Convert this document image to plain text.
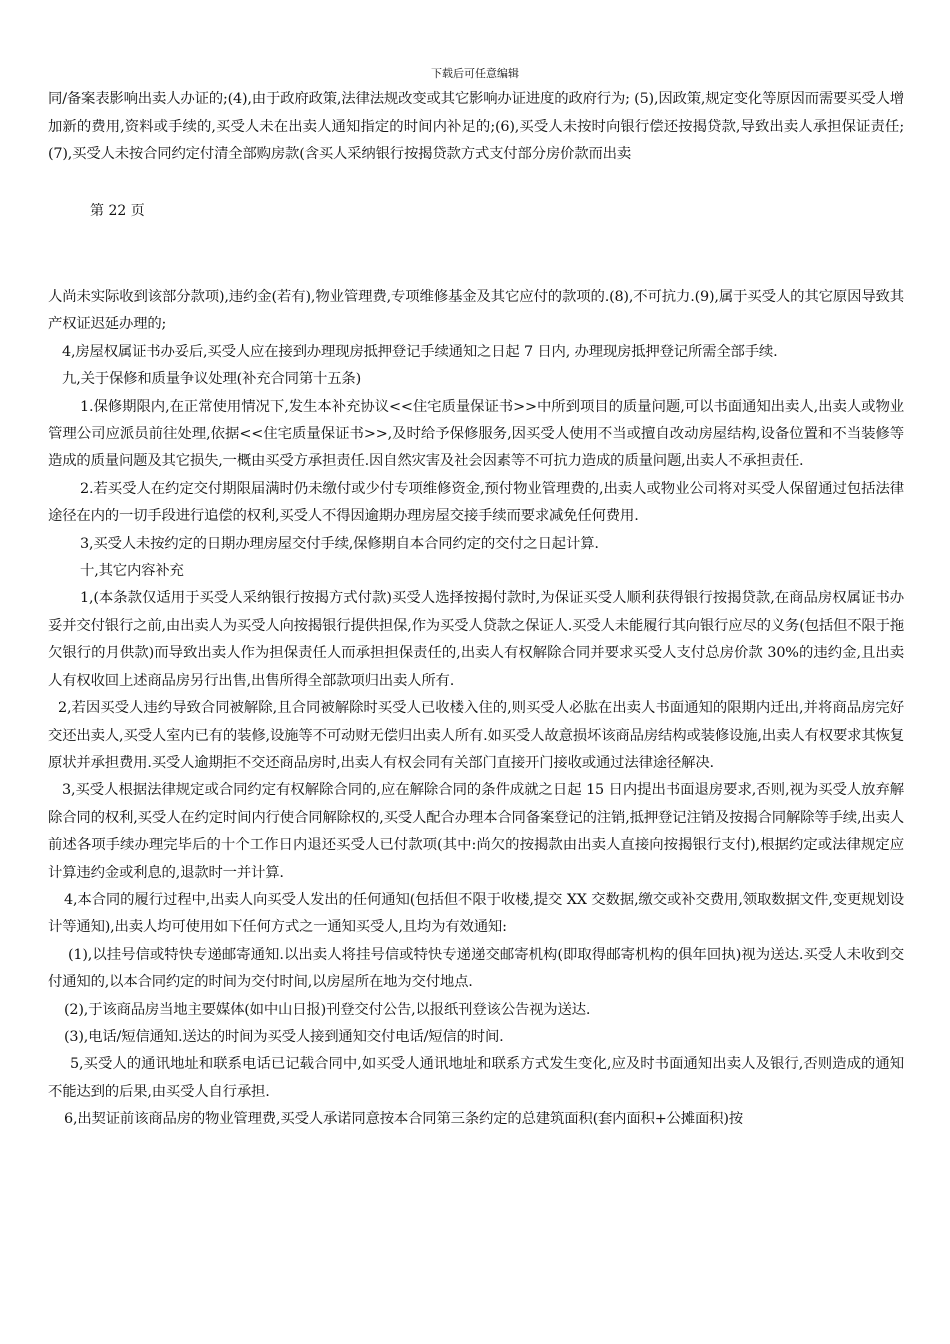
下载后可任意编辑

同/备案表影响出卖人办证的;(4),由于政府政策,法律法规改变或其它影响办证进度的政府行为; (5),因政策,规定变化等原因而需要买受人增加新的费用,资料或手续的,买受人未在出卖人通知指定的时间内补足的;(6),买受人未按时向银行偿还按揭贷款,导致出卖人承担保证责任;(7),买受人未按合同约定付清全部购房款(含买人采纳银行按揭贷款方式支付部分房价款而出卖

第 22 页

人尚未实际收到该部分款项),违约金(若有),物业管理费,专项维修基金及其它应付的款项的.(8),不可抗力.(9),属于买受人的其它原因导致其产权证迟延办理的;

4,房屋权属证书办妥后,买受人应在接到办理现房抵押登记手续通知之日起 7 日内, 办理现房抵押登记所需全部手续.

九,关于保修和质量争议处理(补充合同第十五条)

1.保修期限内,在正常使用情况下,发生本补充协议<<住宅质量保证书>>中所到项目的质量问题,可以书面通知出卖人,出卖人或物业管理公司应派员前往处理,依据<<住宅质量保证书>>,及时给予保修服务,因买受人使用不当或擅自改动房屋结构,设备位置和不当装修等造成的质量问题及其它损失,一概由买受方承担责任.因自然灾害及社会因素等不可抗力造成的质量问题,出卖人不承担责任.

2.若买受人在约定交付期限届满时仍未缴付或少付专项维修资金,预付物业管理费的,出卖人或物业公司将对买受人保留通过包括法律途径在内的一切手段进行追偿的权利,买受人不得因逾期办理房屋交接手续而要求减免任何费用.

3,买受人未按约定的日期办理房屋交付手续,保修期自本合同约定的交付之日起计算.

十,其它内容补充

1,(本条款仅适用于买受人采纳银行按揭方式付款)买受人选择按揭付款时,为保证买受人顺利获得银行按揭贷款,在商品房权属证书办妥并交付银行之前,由出卖人为买受人向按揭银行提供担保,作为买受人贷款之保证人.买受人未能履行其向银行应尽的义务(包括但不限于拖欠银行的月供款)而导致出卖人作为担保责任人而承担担保责任的,出卖人有权解除合同并要求买受人支付总房价款 30%的违约金,且出卖人有权收回上述商品房另行出售,出售所得全部款项归出卖人所有.

2,若因买受人违约导致合同被解除,且合同被解除时买受人已收楼入住的,则买受人必肱在出卖人书面通知的限期内迁出,并将商品房完好交还出卖人,买受人室内已有的装修,设施等不可动财无偿归出卖人所有.如买受人故意损坏该商品房结构或装修设施,出卖人有权要求其恢复原状并承担费用.买受人逾期拒不交还商品房时,出卖人有权会同有关部门直接开门接收或通过法律途径解决.

3,买受人根据法律规定或合同约定有权解除合同的,应在解除合同的条件成就之日起 15 日内提出书面退房要求,否则,视为买受人放弃解除合同的权利,买受人在约定时间内行使合同解除权的,买受人配合办理本合同备案登记的注销,抵押登记注销及按揭合同解除等手续,出卖人前述各项手续办理完毕后的十个工作日内退还买受人已付款项(其中:尚欠的按揭款由出卖人直接向按揭银行支付),根据约定或法律规定应计算违约金或利息的,退款时一并计算.

4,本合同的履行过程中,出卖人向买受人发出的任何通知(包括但不限于收楼,提交 XX 交数据,缴交或补交费用,领取数据文件,变更规划设计等通知),出卖人均可使用如下任何方式之一通知买受人,且均为有效通知:

(1),以挂号信或特快专递邮寄通知.以出卖人将挂号信或特快专递递交邮寄机构(即取得邮寄机构的俱年回执)视为送达.买受人未收到交付通知的,以本合同约定的时间为交付时间,以房屋所在地为交付地点.

(2),于该商品房当地主要媒体(如中山日报)刊登交付公告,以报纸刊登该公告视为送达.

(3),电话/短信通知.送达的时间为买受人接到通知交付电话/短信的时间.

5,买受人的通讯地址和联系电话已记载合同中,如买受人通讯地址和联系方式发生变化,应及时书面通知出卖人及银行,否则造成的通知不能达到的后果,由买受人自行承担.

6,出契证前该商品房的物业管理费,买受人承诺同意按本合同第三条约定的总建筑面积(套内面积+公摊面积)按
